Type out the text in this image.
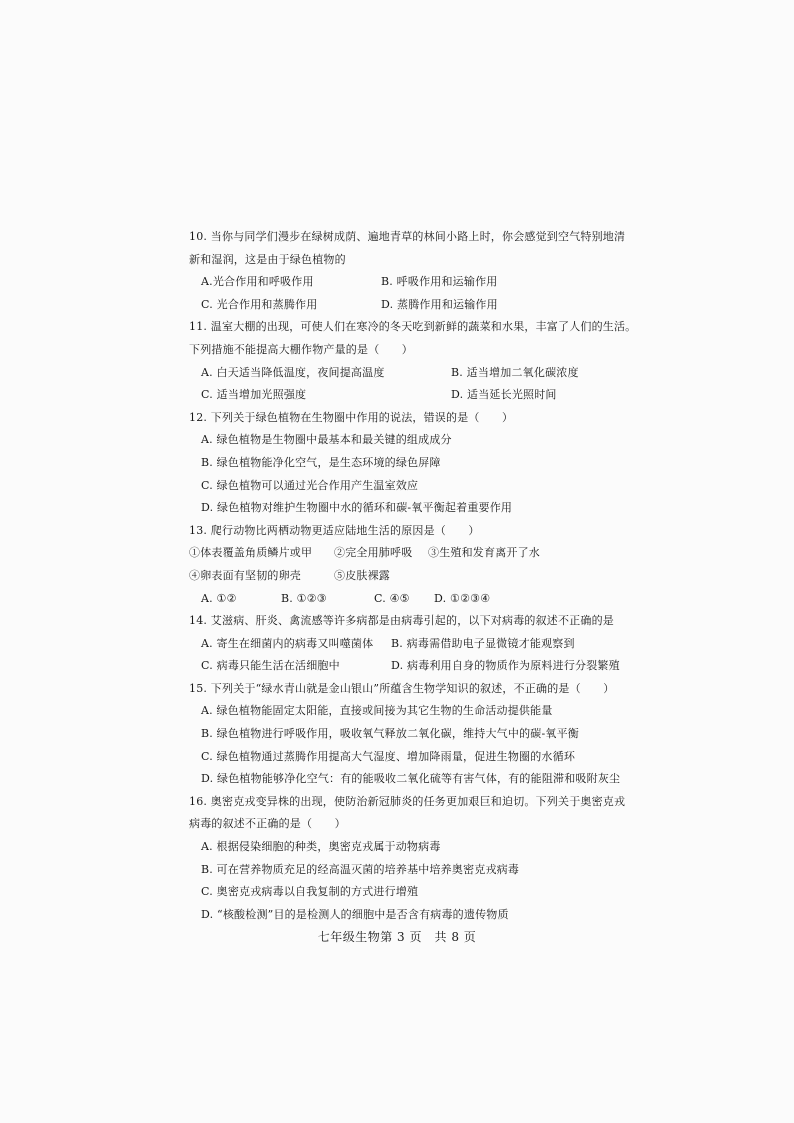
10. 当你与同学们漫步在绿树成荫、遍地青草的林间小路上时，你会感觉到空气特别地清
新和湿润，这是由于绿色植物的
A.光合作用和呼吸作用	B. 呼吸作用和运输作用
C. 光合作用和蒸腾作用	D. 蒸腾作用和运输作用
11. 温室大棚的出现，可使人们在寒冷的冬天吃到新鲜的蔬菜和水果，丰富了人们的生活。
下列措施不能提高大棚作物产量的是（　　）
A. 白天适当降低温度，夜间提高温度	B. 适当增加二氧化碳浓度
C. 适当增加光照强度	D. 适当延长光照时间
12. 下列关于绿色植物在生物圈中作用的说法，错误的是（　　）
A. 绿色植物是生物圈中最基本和最关键的组成成分
B. 绿色植物能净化空气，是生态环境的绿色屏障
C. 绿色植物可以通过光合作用产生温室效应
D. 绿色植物对维护生物圈中水的循环和碳-氧平衡起着重要作用
13. 爬行动物比两栖动物更适应陆地生活的原因是（　　）
①体表覆盖角质鳞片或甲	②完全用肺呼吸	③生殖和发育离开了水
④卵表面有坚韧的卵壳	⑤皮肤裸露
A. ①②	B. ①②③	C. ④⑤	D. ①②③④
14. 艾滋病、肝炎、禽流感等许多病都是由病毒引起的，以下对病毒的叙述不正确的是
A. 寄生在细菌内的病毒又叫噬菌体	B. 病毒需借助电子显微镜才能观察到
C. 病毒只能生活在活细胞中	D. 病毒利用自身的物质作为原料进行分裂繁殖
15. 下列关于“绿水青山就是金山银山”所蕴含生物学知识的叙述，不正确的是（　　）
A. 绿色植物能固定太阳能，直接或间接为其它生物的生命活动提供能量
B. 绿色植物进行呼吸作用，吸收氧气释放二氧化碳，维持大气中的碳-氧平衡
C. 绿色植物通过蒸腾作用提高大气湿度、增加降雨量，促进生物圈的水循环
D. 绿色植物能够净化空气：有的能吸收二氧化硫等有害气体，有的能阻滞和吸附灰尘
16. 奥密克戎变异株的出现，使防治新冠肺炎的任务更加艰巨和迫切。下列关于奥密克戎
病毒的叙述不正确的是（　　）
A. 根据侵染细胞的种类，奥密克戎属于动物病毒
B. 可在营养物质充足的经高温灭菌的培养基中培养奥密克戎病毒
C. 奥密克戎病毒以自我复制的方式进行增殖
D. “核酸检测”目的是检测人的细胞中是否含有病毒的遗传物质
七年级生物第 3 页　共 8 页
